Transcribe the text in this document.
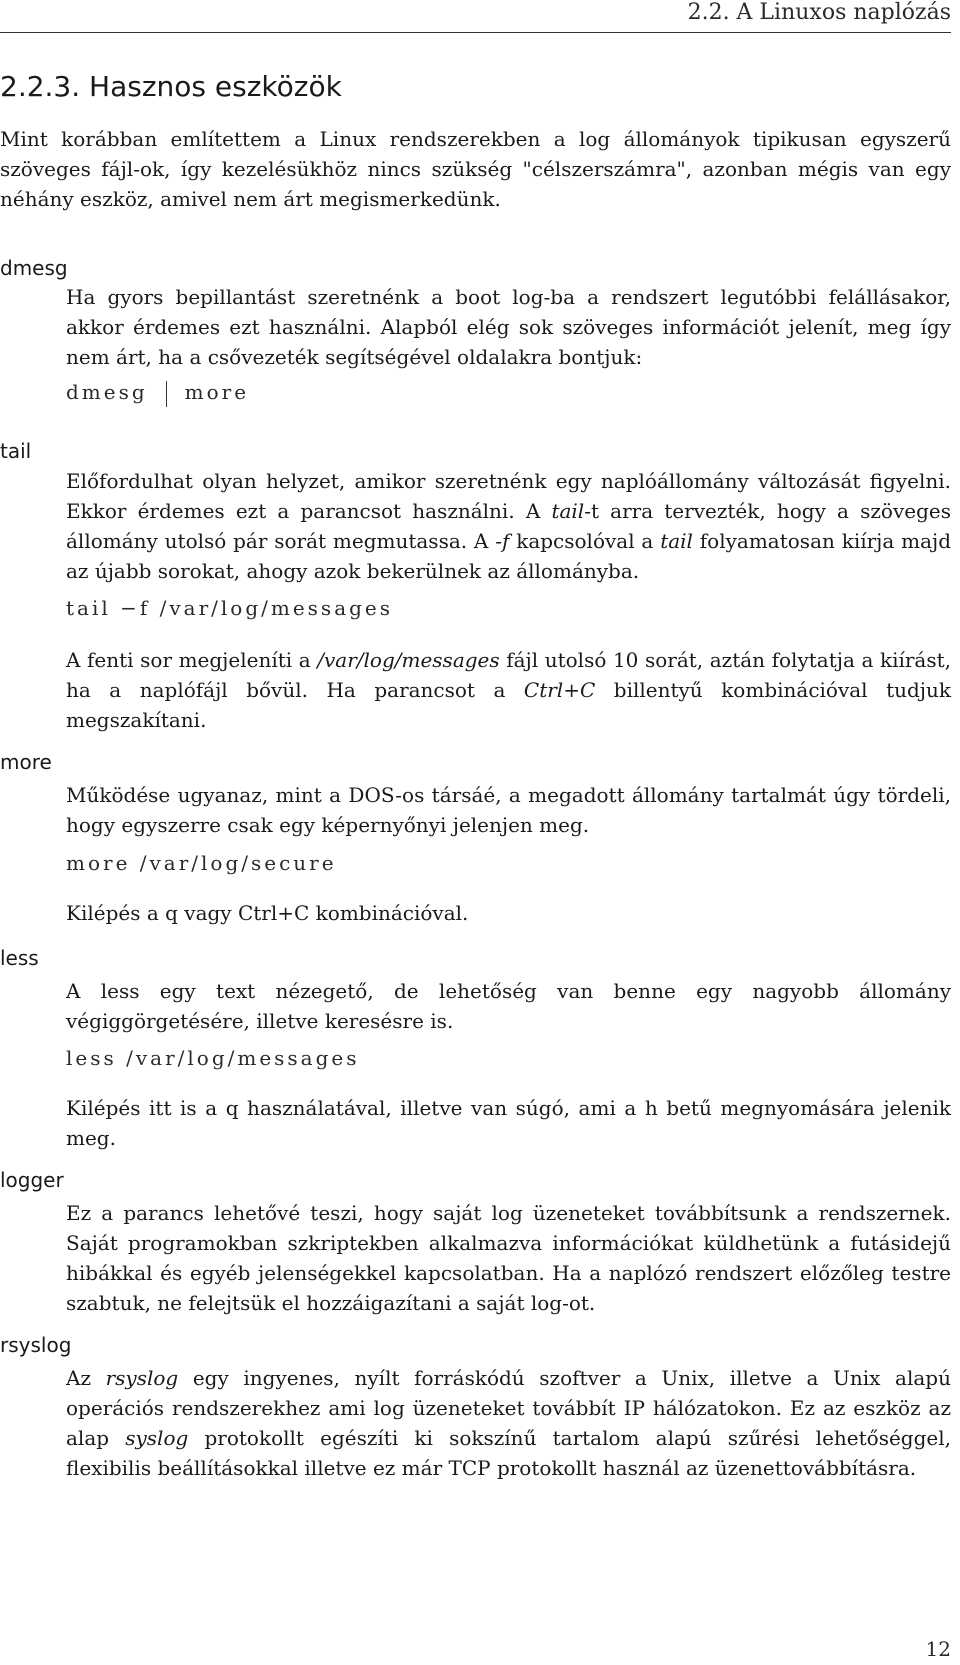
2.2. A Linuxos naplózás
2.2.3. Hasznos eszközök

Mint korábban említettem a Linux rendszerekben a log állományok tipikusan egyszerű szöveges fájl-ok, így kezelésükhöz nincs szükség "célszerszámra", azonban mégis van egy néhány eszköz, amivel nem árt megismerkedünk.

dmesg

Ha gyors bepillantást szeretnénk a boot log-ba a rendszert legutóbbi felállásakor, akkor érdemes ezt használni. Alapból elég sok szöveges információt jelenít, meg így nem árt, ha a csővezeték segítségével oldalakra bontjuk:

dmesg more
tail

Előfordulhat olyan helyzet, amikor szeretnénk egy naplóállomány változását figyelni. Ekkor érdemes ezt a parancsot használni. A tail-t arra tervezték, hogy a szöveges állomány utolsó pár sorát megmutassa. A -f kapcsolóval a tail folyamatosan kiírja majd az újabb sorokat, ahogy azok bekerülnek az állományba.

tail −f /var/log/messages

A fenti sor megjeleníti a /var/log/messages fájl utolsó 10 sorát, aztán folytatja a kiírást, ha a naplófájl bővül. Ha parancsot a Ctrl+C billentyű kombinációval tudjuk megszakítani.

more

Működése ugyanaz, mint a DOS-os társáé, a megadott állomány tartalmát úgy tördeli, hogy egyszerre csak egy képernyőnyi jelenjen meg.

more /var/log/secure

Kilépés a q vagy Ctrl+C kombinációval.

less

A less egy text nézegető, de lehetőség van benne egy nagyobb állomány végiggörgetésére, illetve keresésre is.

less /var/log/messages

Kilépés itt is a q használatával, illetve van súgó, ami a h betű megnyomására jelenik meg.

logger

Ez a parancs lehetővé teszi, hogy saját log üzeneteket továbbítsunk a rendszernek. Saját programokban szkriptekben alkalmazva információkat küldhetünk a futásidejű hibákkal és egyéb jelenségekkel kapcsolatban. Ha a naplózó rendszert előzőleg testre szabtuk, ne felejtsük el hozzáigazítani a saját log-ot.

rsyslog

Az rsyslog egy ingyenes, nyílt forráskódú szoftver a Unix, illetve a Unix alapú operációs rendszerekhez ami log üzeneteket továbbít IP hálózatokon. Ez az eszköz az alap syslog protokollt egészíti ki sokszínű tartalom alapú szűrési lehetőséggel, flexibilis beállításokkal illetve ez már TCP protokollt használ az üzenettovábbításra.

12
